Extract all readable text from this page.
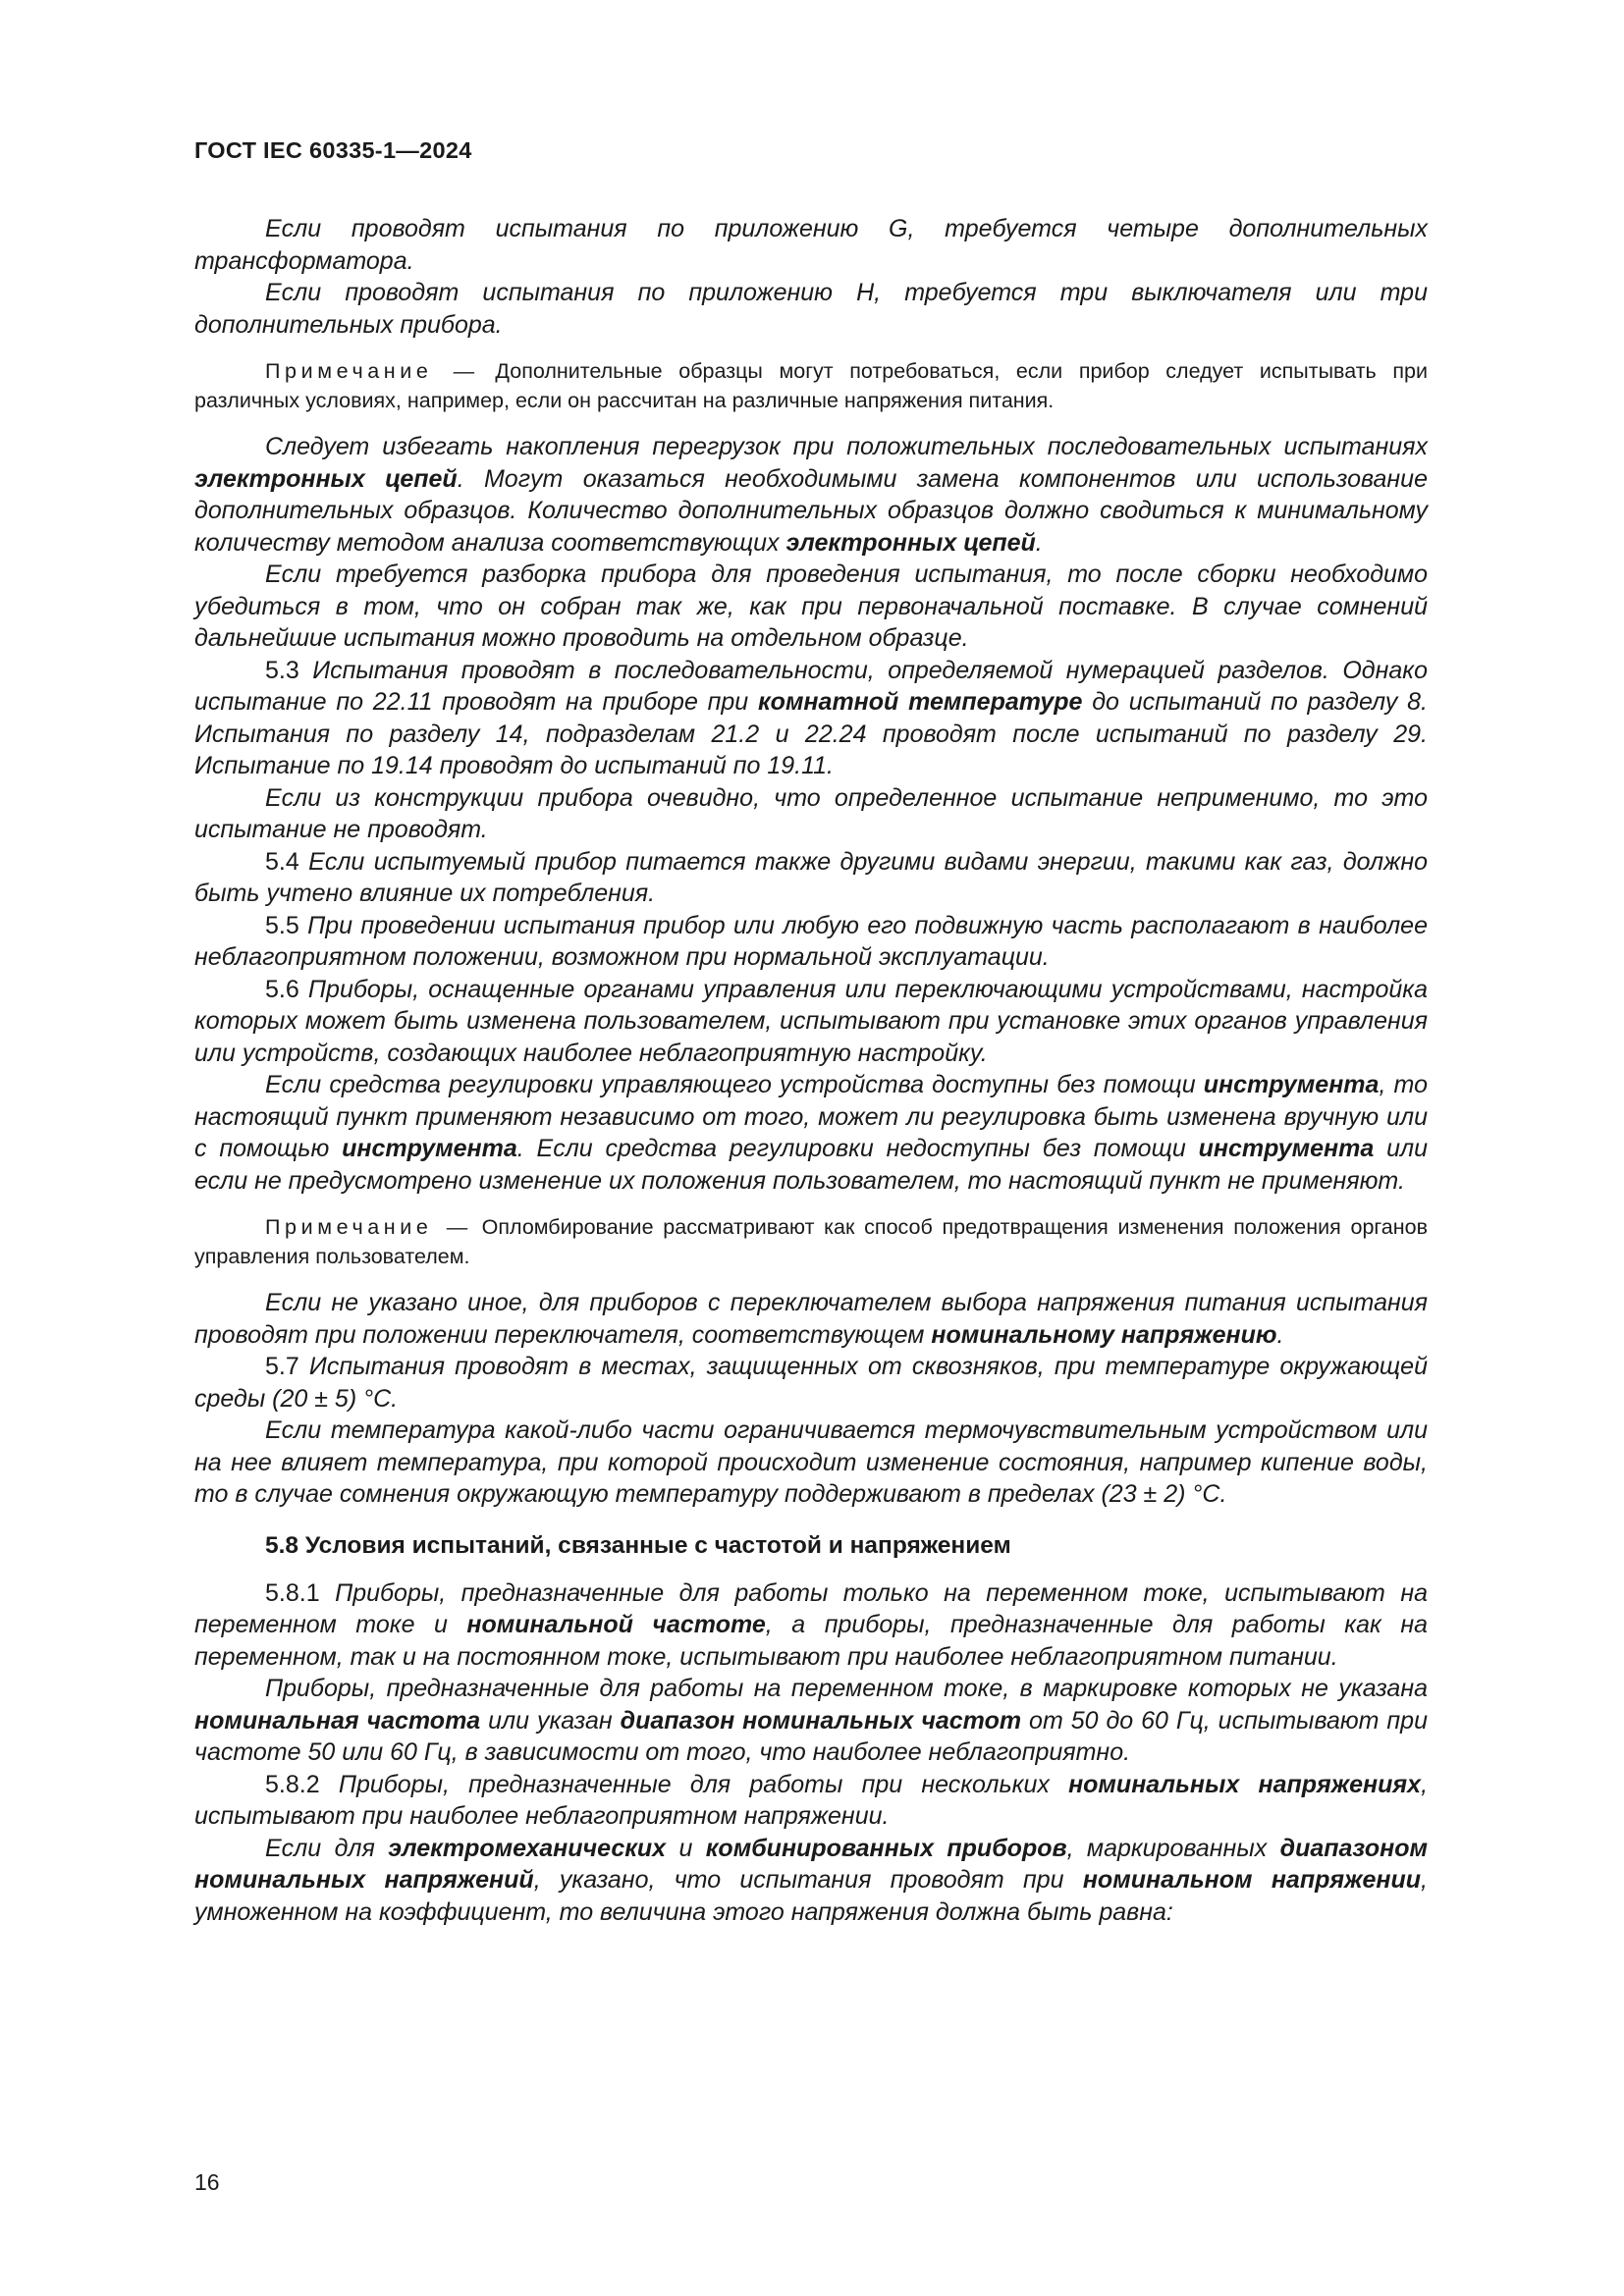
ГОСТ IEC 60335-1—2024

Если проводят испытания по приложению G, требуется четыре дополнительных трансформатора.

Если проводят испытания по приложению H, требуется три выключателя или три дополнительных прибора.

Примечание — Дополнительные образцы могут потребоваться, если прибор следует испытывать при различных условиях, например, если он рассчитан на различные напряжения питания.

Следует избегать накопления перегрузок при положительных последовательных испытаниях электронных цепей. Могут оказаться необходимыми замена компонентов или использование дополнительных образцов. Количество дополнительных образцов должно сводиться к минимальному количеству методом анализа соответствующих электронных цепей.

Если требуется разборка прибора для проведения испытания, то после сборки необходимо убедиться в том, что он собран так же, как при первоначальной поставке. В случае сомнений дальнейшие испытания можно проводить на отдельном образце.

5.3 Испытания проводят в последовательности, определяемой нумерацией разделов. Однако испытание по 22.11 проводят на приборе при комнатной температуре до испытаний по разделу 8. Испытания по разделу 14, подразделам 21.2 и 22.24 проводят после испытаний по разделу 29. Испытание по 19.14 проводят до испытаний по 19.11.

Если из конструкции прибора очевидно, что определенное испытание неприменимо, то это испытание не проводят.

5.4 Если испытуемый прибор питается также другими видами энергии, такими как газ, должно быть учтено влияние их потребления.

5.5 При проведении испытания прибор или любую его подвижную часть располагают в наиболее неблагоприятном положении, возможном при нормальной эксплуатации.

5.6 Приборы, оснащенные органами управления или переключающими устройствами, настройка которых может быть изменена пользователем, испытывают при установке этих органов управления или устройств, создающих наиболее неблагоприятную настройку.

Если средства регулировки управляющего устройства доступны без помощи инструмента, то настоящий пункт применяют независимо от того, может ли регулировка быть изменена вручную или с помощью инструмента. Если средства регулировки недоступны без помощи инструмента или если не предусмотрено изменение их положения пользователем, то настоящий пункт не применяют.

Примечание — Опломбирование рассматривают как способ предотвращения изменения положения органов управления пользователем.

Если не указано иное, для приборов с переключателем выбора напряжения питания испытания проводят при положении переключателя, соответствующем номинальному напряжению.

5.7 Испытания проводят в местах, защищенных от сквозняков, при температуре окружающей среды (20 ± 5) °С.

Если температура какой-либо части ограничивается термочувствительным устройством или на нее влияет температура, при которой происходит изменение состояния, например кипение воды, то в случае сомнения окружающую температуру поддерживают в пределах (23 ± 2) °С.

5.8 Условия испытаний, связанные с частотой и напряжением

5.8.1 Приборы, предназначенные для работы только на переменном токе, испытывают на переменном токе и номинальной частоте, а приборы, предназначенные для работы как на переменном, так и на постоянном токе, испытывают при наиболее неблагоприятном питании.

Приборы, предназначенные для работы на переменном токе, в маркировке которых не указана номинальная частота или указан диапазон номинальных частот от 50 до 60 Гц, испытывают при частоте 50 или 60 Гц, в зависимости от того, что наиболее неблагоприятно.

5.8.2 Приборы, предназначенные для работы при нескольких номинальных напряжениях, испытывают при наиболее неблагоприятном напряжении.

Если для электромеханических и комбинированных приборов, маркированных диапазоном номинальных напряжений, указано, что испытания проводят при номинальном напряжении, умноженном на коэффициент, то величина этого напряжения должна быть равна:

16
